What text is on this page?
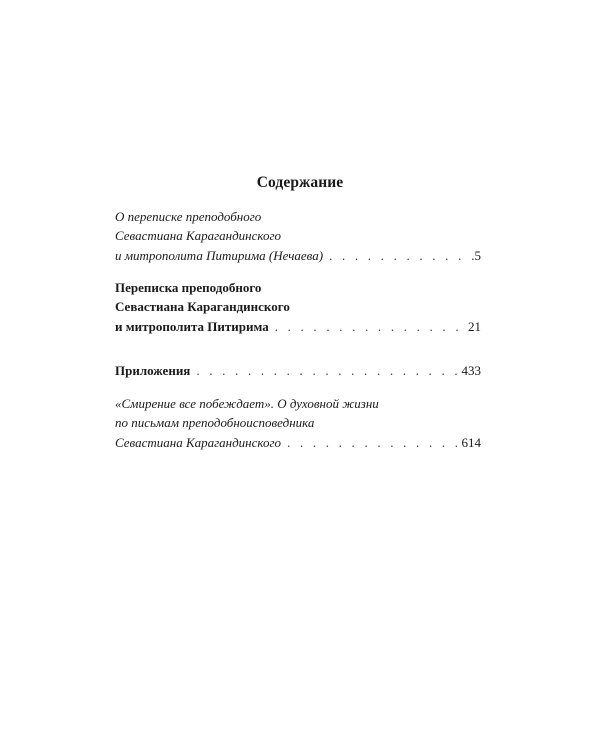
Содержание
О переписке преподобного
Севастиана Карагандинского
и митрополита Питирима (Нечаева) . . .	.5
Переписка преподобного
Севастиана Карагандинского
и митрополита Питирима . . .	21
Приложения . . .	433
«Смирение все побеждает». О духовной жизни
по письмам преподобноисповедника
Севастиана Карагандинского . . .	614
